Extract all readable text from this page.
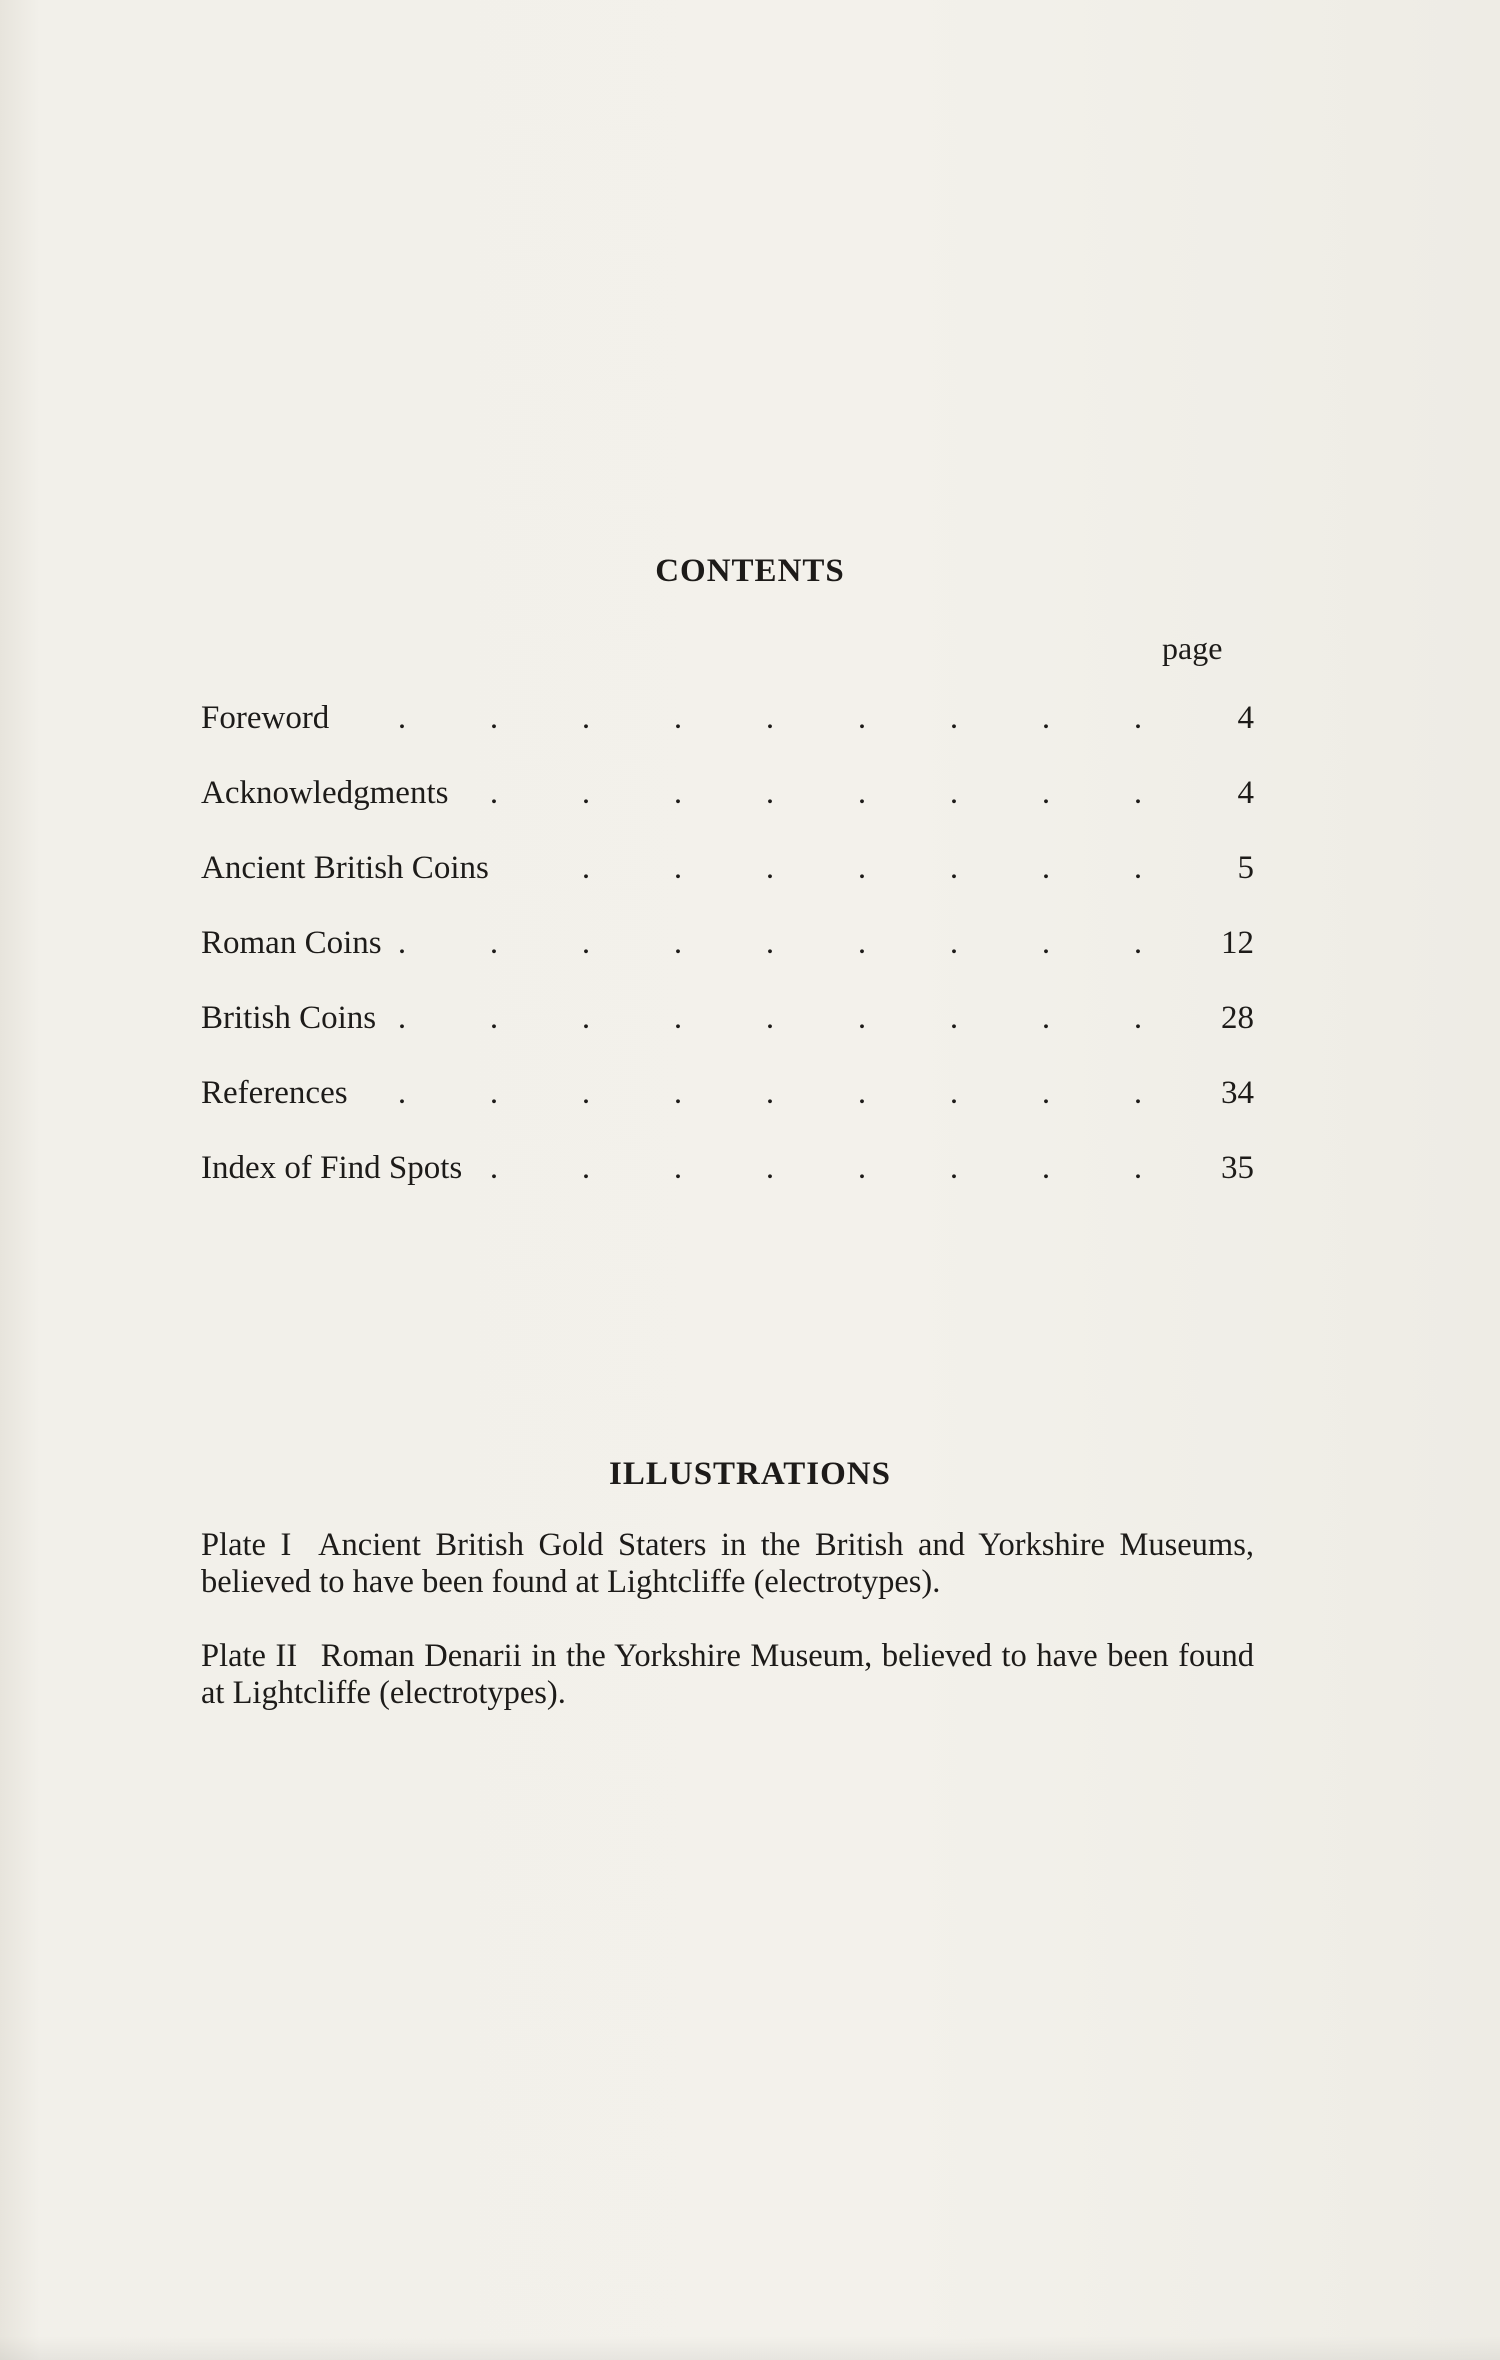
CONTENTS
page
Foreword .	.	.	.	.	.	.	.	.	4
Acknowledgments .	.	.	.	.	.	.	.	4
Ancient British Coins	.	.	.	.	.	.	.	5
Roman Coins .	.	.	.	.	.	.	.	. 12
British Coins .	.	.	.	.	.	.	.	. 28
References .	.	.	.	.	.	.	.	. 34
Index of Find Spots .	.	.	.	.	.	.	. 35
ILLUSTRATIONS

Plate I Ancient British Gold Staters in the British and Yorkshire Museums, believed to have been found at Lightcliffe (electrotypes).

Plate II Roman Denarii in the Yorkshire Museum, believed to have been found at Lightcliffe (electrotypes).
